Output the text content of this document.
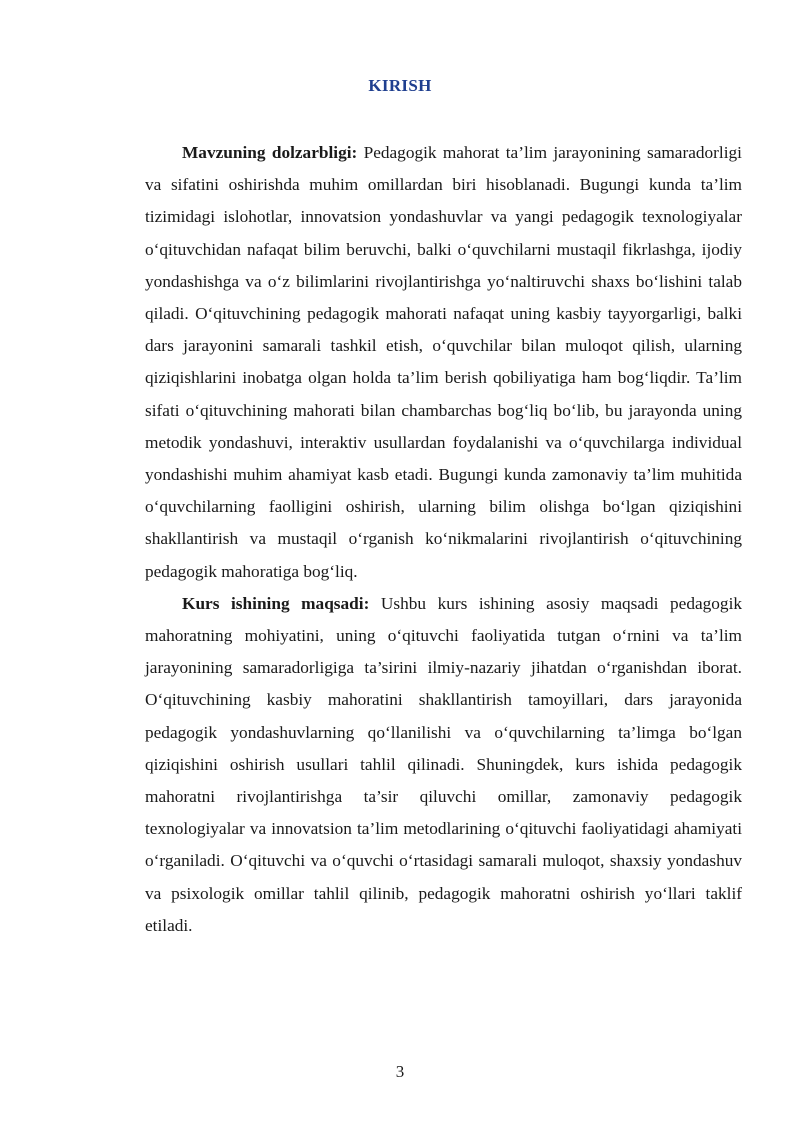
KIRISH

Mavzuning dolzarbligi: Pedagogik mahorat ta’lim jarayonining samaradorligi va sifatini oshirishda muhim omillardan biri hisoblanadi. Bugungi kunda ta’lim tizimidagi islohotlar, innovatsion yondashuvlar va yangi pedagogik texnologiyalar o‘qituvchidan nafaqat bilim beruvchi, balki o‘quvchilarni mustaqil fikrlashga, ijodiy yondashishga va o‘z bilimlarini rivojlantirishga yo‘naltiruvchi shaxs bo‘lishini talab qiladi. O‘qituvchining pedagogik mahorati nafaqat uning kasbiy tayyorgarligi, balki dars jarayonini samarali tashkil etish, o‘quvchilar bilan muloqot qilish, ularning qiziqishlarini inobatga olgan holda ta’lim berish qobiliyatiga ham bog‘liqdir. Ta’lim sifati o‘qituvchining mahorati bilan chambarchas bog‘liq bo‘lib, bu jarayonda uning metodik yondashuvi, interaktiv usullardan foydalanishi va o‘quvchilarga individual yondashishi muhim ahamiyat kasb etadi. Bugungi kunda zamonaviy ta’lim muhitida o‘quvchilarning faolligini oshirish, ularning bilim olishga bo‘lgan qiziqishini shakllantirish va mustaqil o‘rganish ko‘nikmalarini rivojlantirish o‘qituvchining pedagogik mahoratiga bog‘liq.

Kurs ishining maqsadi: Ushbu kurs ishining asosiy maqsadi pedagogik mahoratning mohiyatini, uning o‘qituvchi faoliyatida tutgan o‘rnini va ta’lim jarayonining samaradorligiga ta’sirini ilmiy-nazariy jihatdan o‘rganishdan iborat. O‘qituvchining kasbiy mahoratini shakllantirish tamoyillari, dars jarayonida pedagogik yondashuvlarning qo‘llanilishi va o‘quvchilarning ta’limga bo‘lgan qiziqishini oshirish usullari tahlil qilinadi. Shuningdek, kurs ishida pedagogik mahoratni rivojlantirishga ta’sir qiluvchi omillar, zamonaviy pedagogik texnologiyalar va innovatsion ta’lim metodlarining o‘qituvchi faoliyatidagi ahamiyati o‘rganiladi. O‘qituvchi va o‘quvchi o‘rtasidagi samarali muloqot, shaxsiy yondashuv va psixologik omillar tahlil qilinib, pedagogik mahoratni oshirish yo‘llari taklif etiladi.

3
